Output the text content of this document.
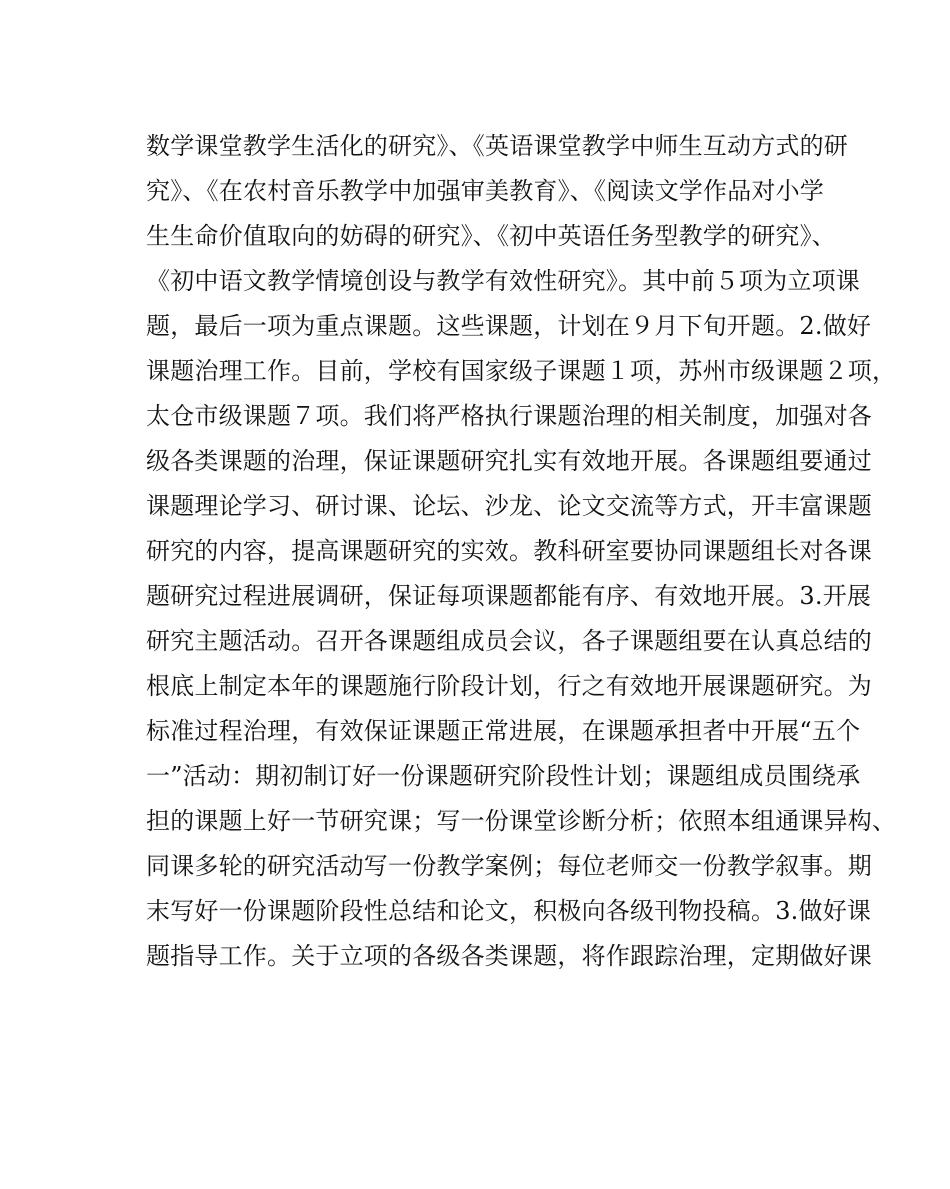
数学课堂教学生活化的研究》、《英语课堂教学中师生互动方式的研
究》、《在农村音乐教学中加强审美教育》、《阅读文学作品对小学
生生命价值取向的妨碍的研究》、《初中英语任务型教学的研究》、
《初中语文教学情境创设与教学有效性研究》。其中前５项为立项课
题，最后一项为重点课题。这些课题，计划在９月下旬开题。2.做好
课题治理工作。目前，学校有国家级子课题１项，苏州市级课题２项，
太仓市级课题７项。我们将严格执行课题治理的相关制度，加强对各
级各类课题的治理，保证课题研究扎实有效地开展。各课题组要通过
课题理论学习、研讨课、论坛、沙龙、论文交流等方式，开丰富课题
研究的内容，提高课题研究的实效。教科研室要协同课题组长对各课
题研究过程进展调研，保证每项课题都能有序、有效地开展。3.开展
研究主题活动。召开各课题组成员会议，各子课题组要在认真总结的
根底上制定本年的课题施行阶段计划，行之有效地开展课题研究。为
标准过程治理，有效保证课题正常进展，在课题承担者中开展“五个
一”活动：期初制订好一份课题研究阶段性计划；课题组成员围绕承
担的课题上好一节研究课；写一份课堂诊断分析；依照本组通课异构、
同课多轮的研究活动写一份教学案例；每位老师交一份教学叙事。期
末写好一份课题阶段性总结和论文，积极向各级刊物投稿。3.做好课
题指导工作。关于立项的各级各类课题，将作跟踪治理，定期做好课
